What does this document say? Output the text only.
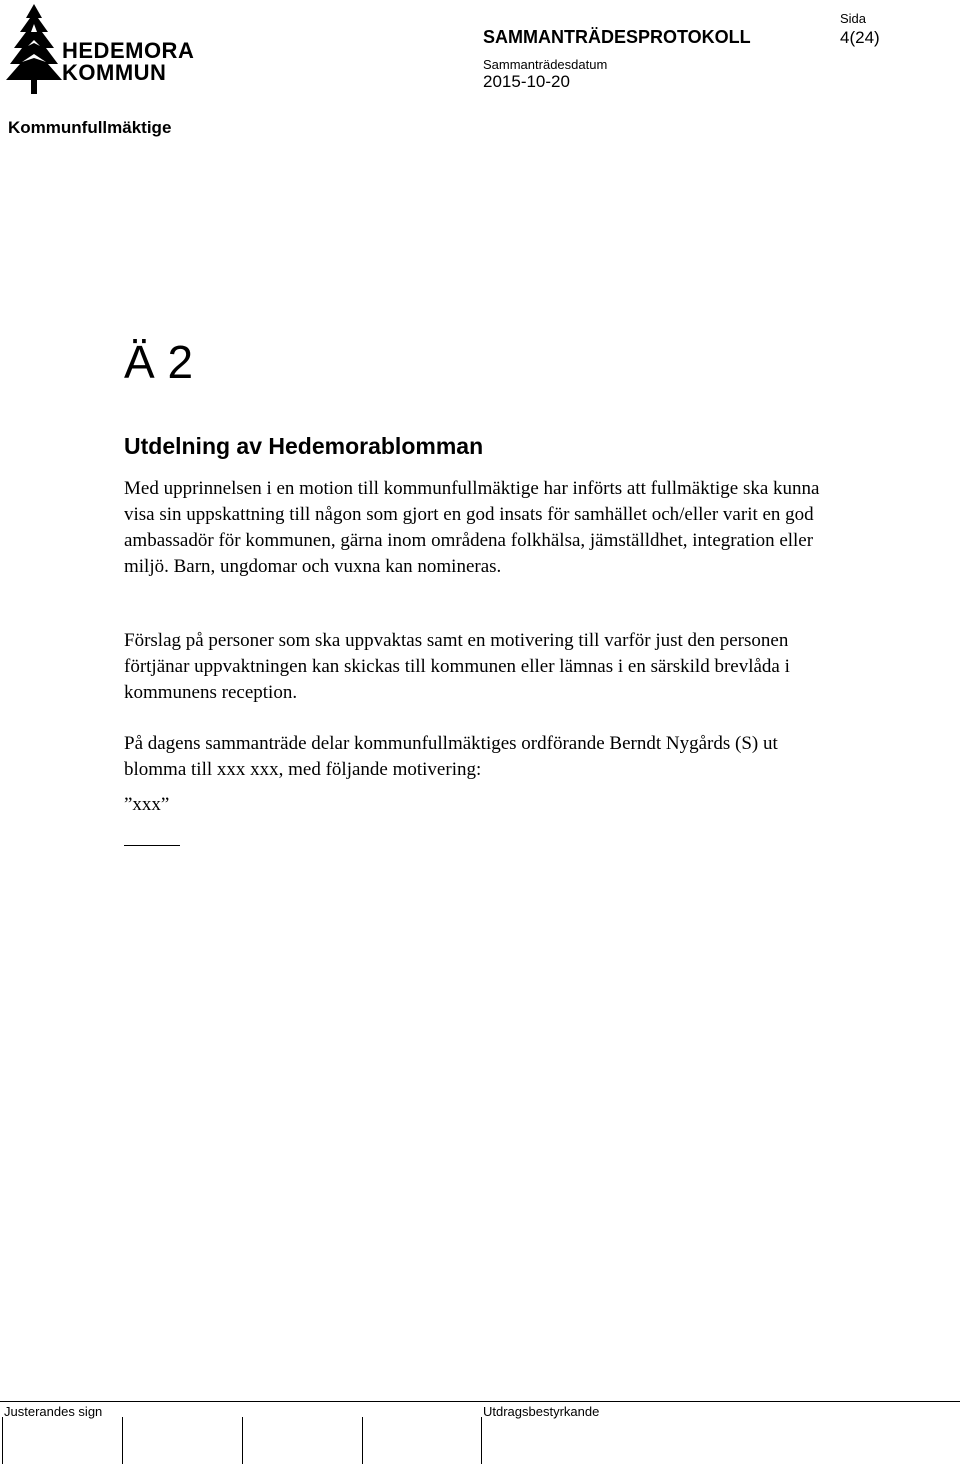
HEDEMORA
KOMMUN
SAMMANTRÄDESPROTOKOLL
Sida
4(24)
Sammanträdesdatum
2015-10-20
Kommunfullmäktige
Ä 2
Utdelning av Hedemorablomman

Med upprinnelsen i en motion till kommunfullmäktige har införts att fullmäktige ska kunna visa sin uppskattning till någon som gjort en god insats för samhället och/eller varit en god ambassadör för kommunen, gärna inom områdena folkhälsa, jämställdhet, integration eller miljö. Barn, ungdomar och vuxna kan nomineras.

Förslag på personer som ska uppvaktas samt en motivering till varför just den personen förtjänar uppvaktningen kan skickas till kommunen eller lämnas i en särskild brevlåda i kommunens reception.

På dagens sammanträde delar kommunfullmäktiges ordförande Berndt Nygårds (S) ut blomma till xxx xxx, med följande motivering:

”xxx”
Justerandes sign	Utdragsbestyrkande
